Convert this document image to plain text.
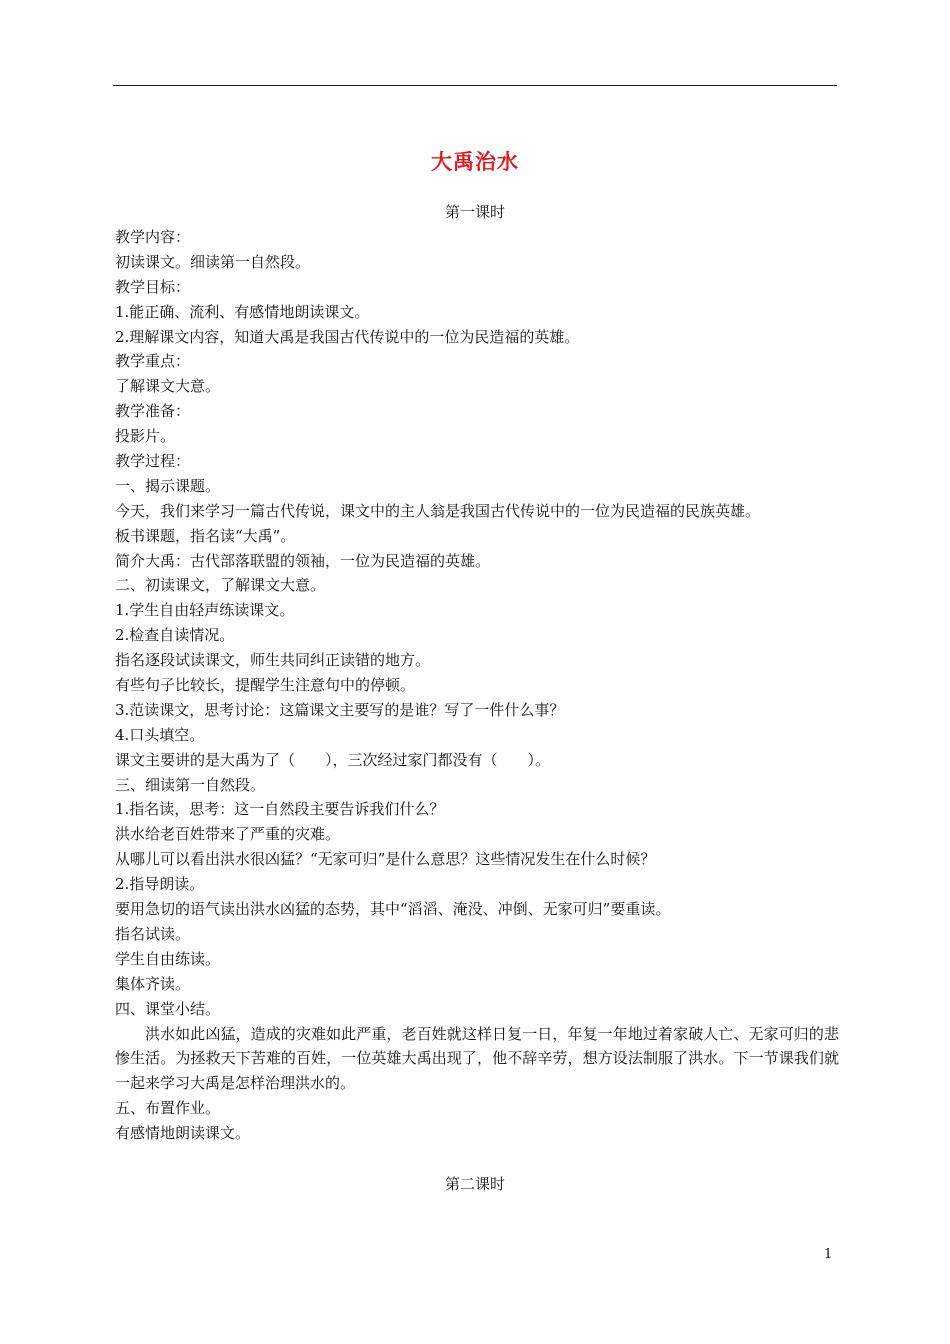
大禹治水
第一课时
教学内容：
初读课文。细读第一自然段。
教学目标：
1.能正确、流利、有感情地朗读课文。
2.理解课文内容，知道大禹是我国古代传说中的一位为民造福的英雄。
教学重点：
了解课文大意。
教学准备：
投影片。
教学过程：
一、揭示课题。
今天，我们来学习一篇古代传说，课文中的主人翁是我国古代传说中的一位为民造福的民族英雄。
板书课题，指名读“大禹”。
简介大禹：古代部落联盟的领袖，一位为民造福的英雄。
二、初读课文，了解课文大意。
1.学生自由轻声练读课文。
2.检查自读情况。
指名逐段试读课文，师生共同纠正读错的地方。
有些句子比较长，提醒学生注意句中的停顿。
3.范读课文，思考讨论：这篇课文主要写的是谁？写了一件什么事？
4.口头填空。
课文主要讲的是大禹为了（　　），三次经过家门都没有（　　）。
三、细读第一自然段。
1.指名读，思考：这一自然段主要告诉我们什么？
洪水给老百姓带来了严重的灾难。
从哪儿可以看出洪水很凶猛？“无家可归”是什么意思？这些情况发生在什么时候？
2.指导朗读。
要用急切的语气读出洪水凶猛的态势，其中“滔滔、淹没、冲倒、无家可归”要重读。
指名试读。
学生自由练读。
集体齐读。
四、课堂小结。
洪水如此凶猛，造成的灾难如此严重，老百姓就这样日复一日，年复一年地过着家破人亡、无家可归的悲惨生活。为拯救天下苦难的百姓，一位英雄大禹出现了，他不辞辛劳，想方设法制服了洪水。下一节课我们就一起来学习大禹是怎样治理洪水的。
五、布置作业。
有感情地朗读课文。
第二课时
1
